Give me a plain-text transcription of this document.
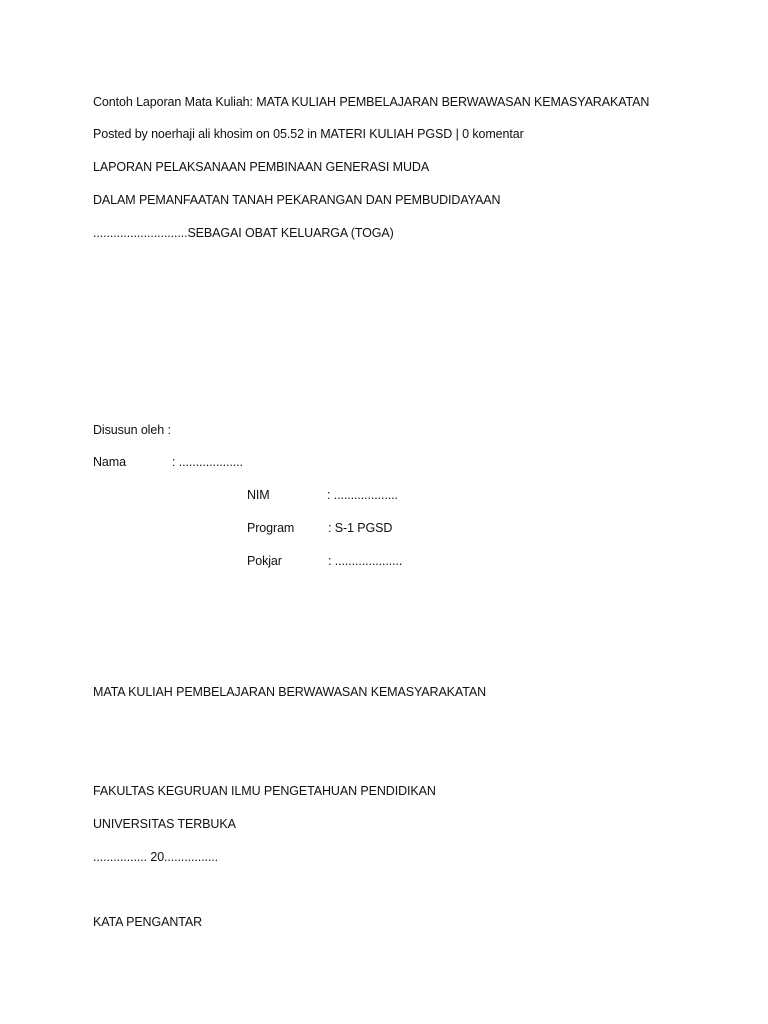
Contoh Laporan Mata Kuliah: MATA KULIAH PEMBELAJARAN BERWAWASAN KEMASYARAKATAN
Posted by noerhaji ali khosim on 05.52 in MATERI KULIAH PGSD | 0 komentar
LAPORAN PELAKSANAAN PEMBINAAN GENERASI MUDA
DALAM PEMANFAATAN TANAH PEKARANGAN DAN PEMBUDIDAYAAN
............................SEBAGAI OBAT KELUARGA (TOGA)
Disusun oleh :
Nama	: ...................
NIM	: ...................
Program	: S-1 PGSD
Pokjar	: ....................
MATA KULIAH PEMBELAJARAN BERWAWASAN KEMASYARAKATAN
FAKULTAS KEGURUAN ILMU PENGETAHUAN PENDIDIKAN
UNIVERSITAS TERBUKA
................ 20................
KATA PENGANTAR
